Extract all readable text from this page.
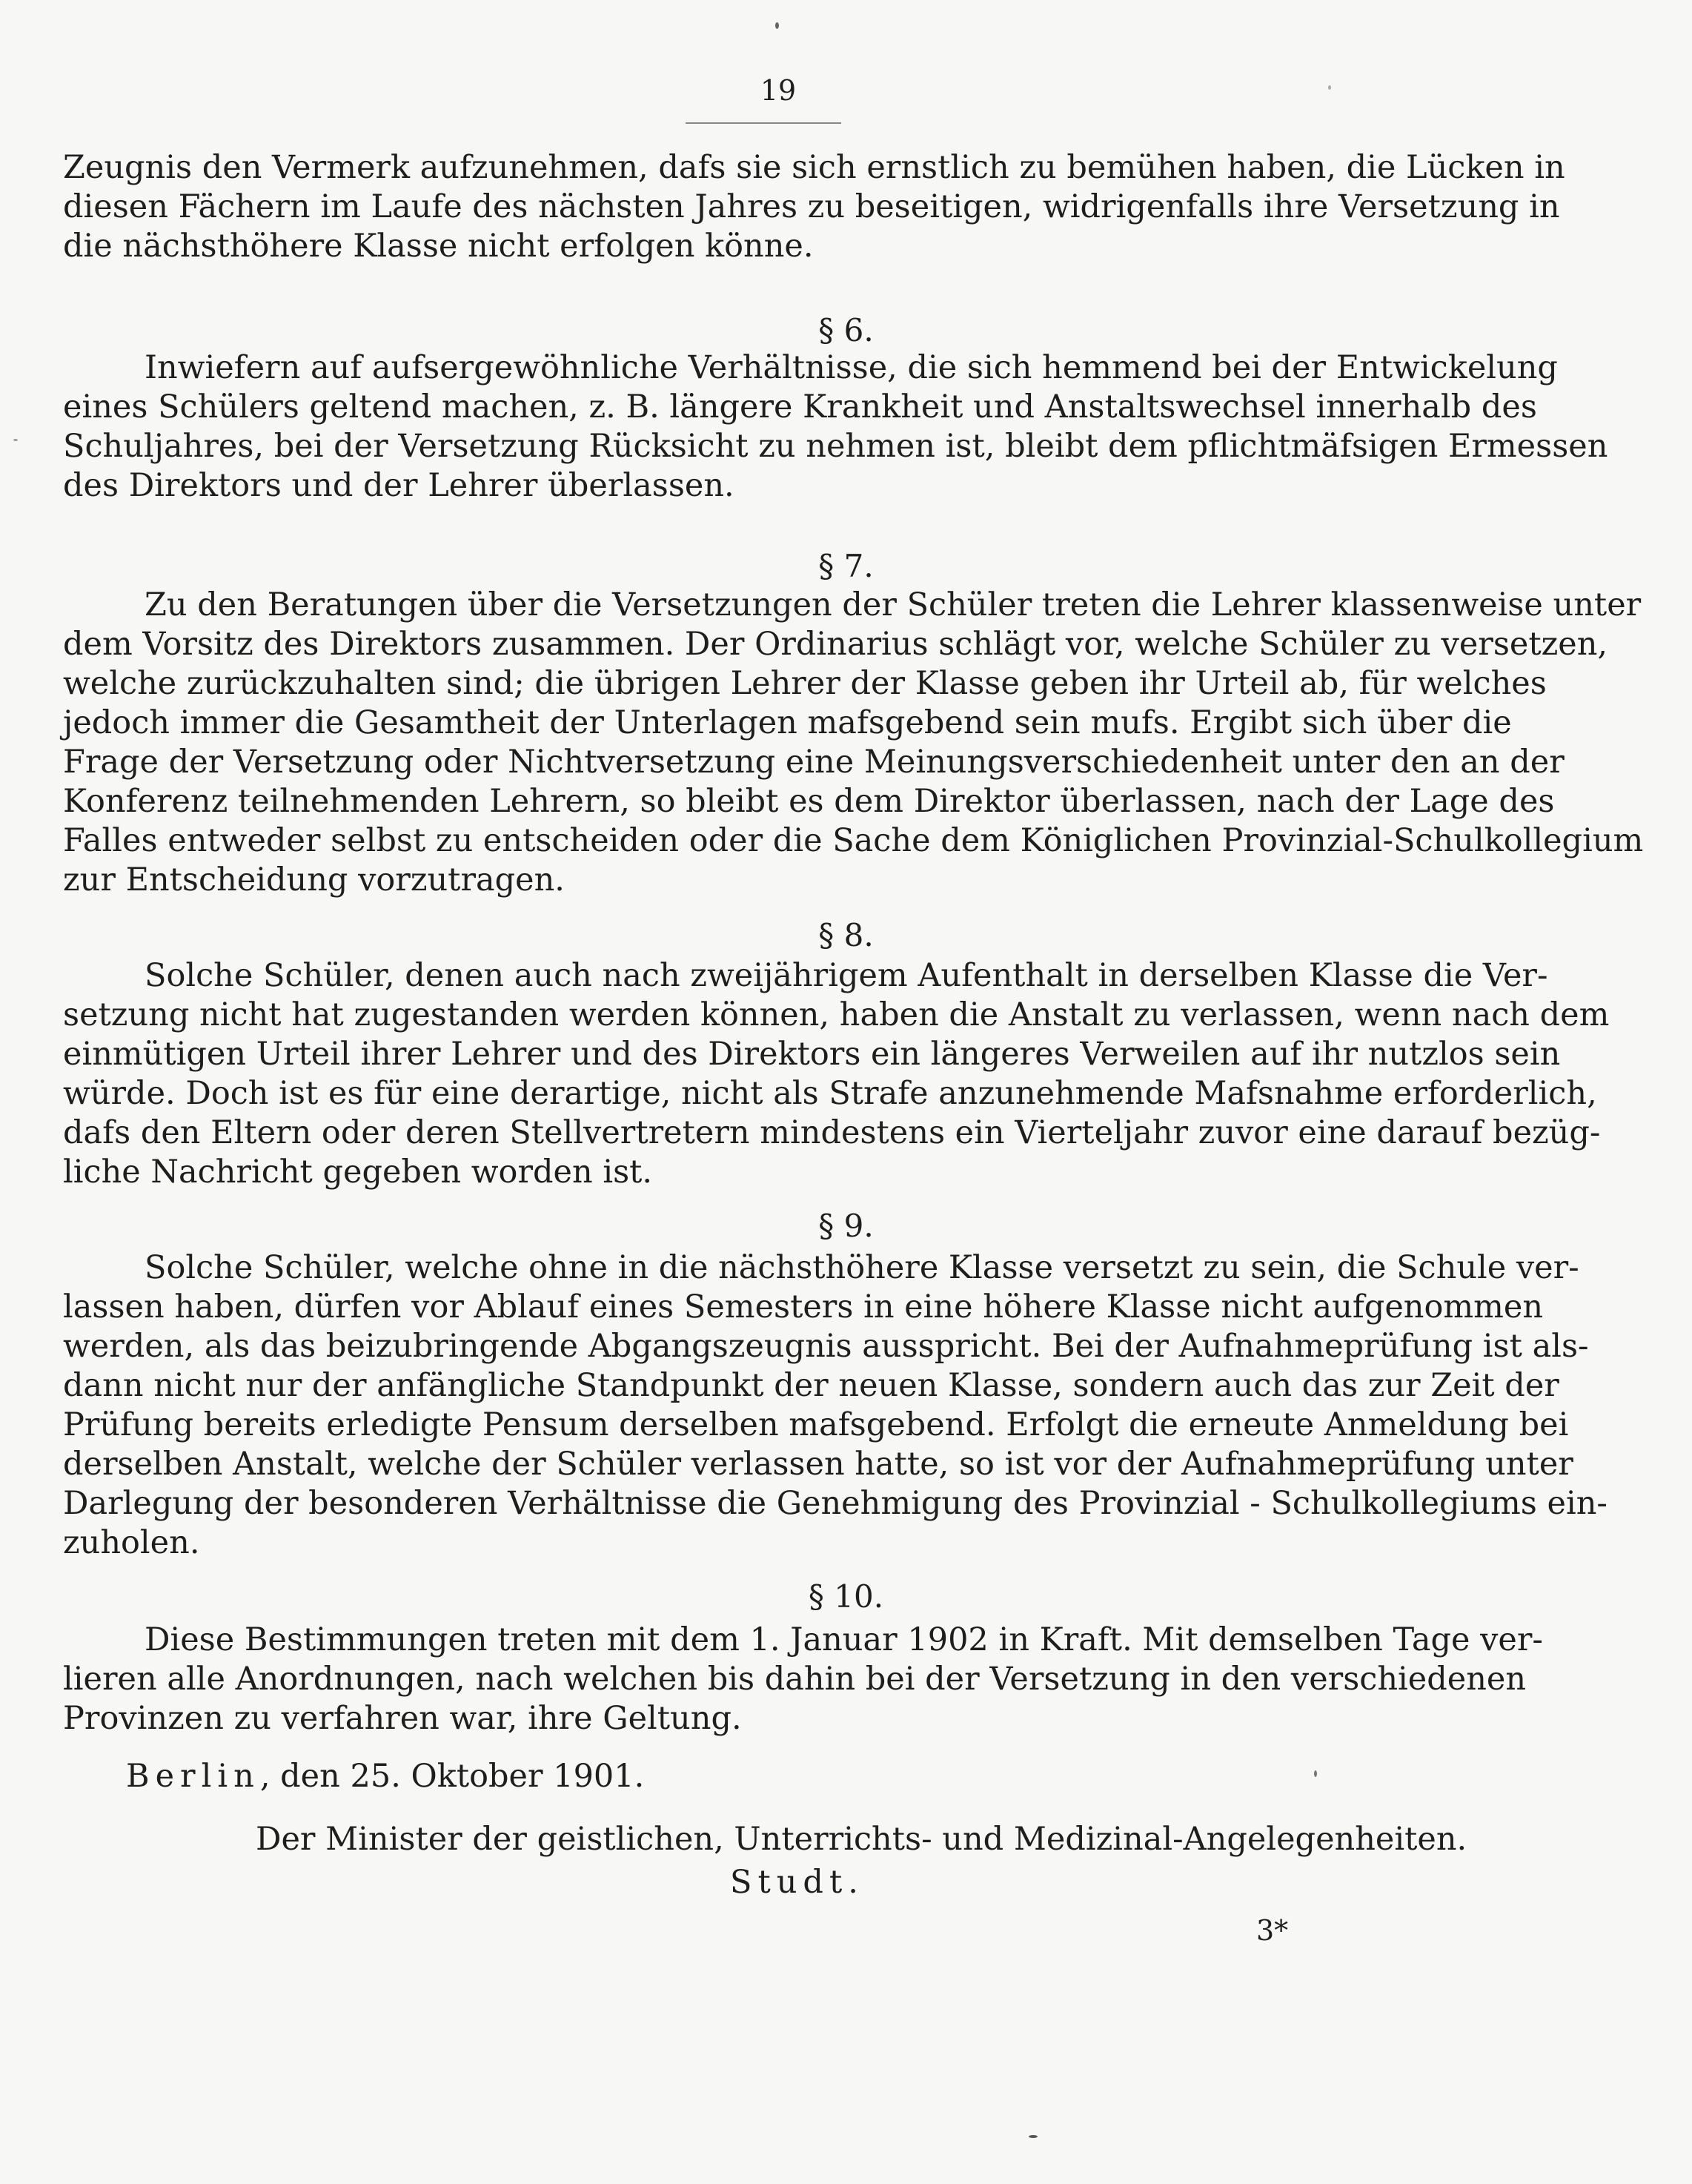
19
Zeugnis den Vermerk aufzunehmen, dafs sie sich ernstlich zu bemühen haben, die Lücken in
diesen Fächern im Laufe des nächsten Jahres zu beseitigen, widrigenfalls ihre Versetzung in
die nächsthöhere Klasse nicht erfolgen könne.
§ 6.
Inwiefern auf aufsergewöhnliche Verhältnisse, die sich hemmend bei der Entwickelung
eines Schülers geltend machen, z. B. längere Krankheit und Anstaltswechsel innerhalb des
Schuljahres, bei der Versetzung Rücksicht zu nehmen ist, bleibt dem pflichtmäfsigen Ermessen
des Direktors und der Lehrer überlassen.
§ 7.
Zu den Beratungen über die Versetzungen der Schüler treten die Lehrer klassenweise unter
dem Vorsitz des Direktors zusammen. Der Ordinarius schlägt vor, welche Schüler zu versetzen,
welche zurückzuhalten sind; die übrigen Lehrer der Klasse geben ihr Urteil ab, für welches
jedoch immer die Gesamtheit der Unterlagen mafsgebend sein mufs. Ergibt sich über die
Frage der Versetzung oder Nichtversetzung eine Meinungsverschiedenheit unter den an der
Konferenz teilnehmenden Lehrern, so bleibt es dem Direktor überlassen, nach der Lage des
Falles entweder selbst zu entscheiden oder die Sache dem Königlichen Provinzial-Schulkollegium
zur Entscheidung vorzutragen.
§ 8.
Solche Schüler, denen auch nach zweijährigem Aufenthalt in derselben Klasse die Ver-
setzung nicht hat zugestanden werden können, haben die Anstalt zu verlassen, wenn nach dem
einmütigen Urteil ihrer Lehrer und des Direktors ein längeres Verweilen auf ihr nutzlos sein
würde. Doch ist es für eine derartige, nicht als Strafe anzunehmende Mafsnahme erforderlich,
dafs den Eltern oder deren Stellvertretern mindestens ein Vierteljahr zuvor eine darauf bezüg-
liche Nachricht gegeben worden ist.
§ 9.
Solche Schüler, welche ohne in die nächsthöhere Klasse versetzt zu sein, die Schule ver-
lassen haben, dürfen vor Ablauf eines Semesters in eine höhere Klasse nicht aufgenommen
werden, als das beizubringende Abgangszeugnis ausspricht. Bei der Aufnahmeprüfung ist als-
dann nicht nur der anfängliche Standpunkt der neuen Klasse, sondern auch das zur Zeit der
Prüfung bereits erledigte Pensum derselben mafsgebend. Erfolgt die erneute Anmeldung bei
derselben Anstalt, welche der Schüler verlassen hatte, so ist vor der Aufnahmeprüfung unter
Darlegung der besonderen Verhältnisse die Genehmigung des Provinzial - Schulkollegiums ein-
zuholen.
§ 10.
Diese Bestimmungen treten mit dem 1. Januar 1902 in Kraft. Mit demselben Tage ver-
lieren alle Anordnungen, nach welchen bis dahin bei der Versetzung in den verschiedenen
Provinzen zu verfahren war, ihre Geltung.
Berlin, den 25. Oktober 1901.
Der Minister der geistlichen, Unterrichts- und Medizinal-Angelegenheiten.
Studt.
3*
